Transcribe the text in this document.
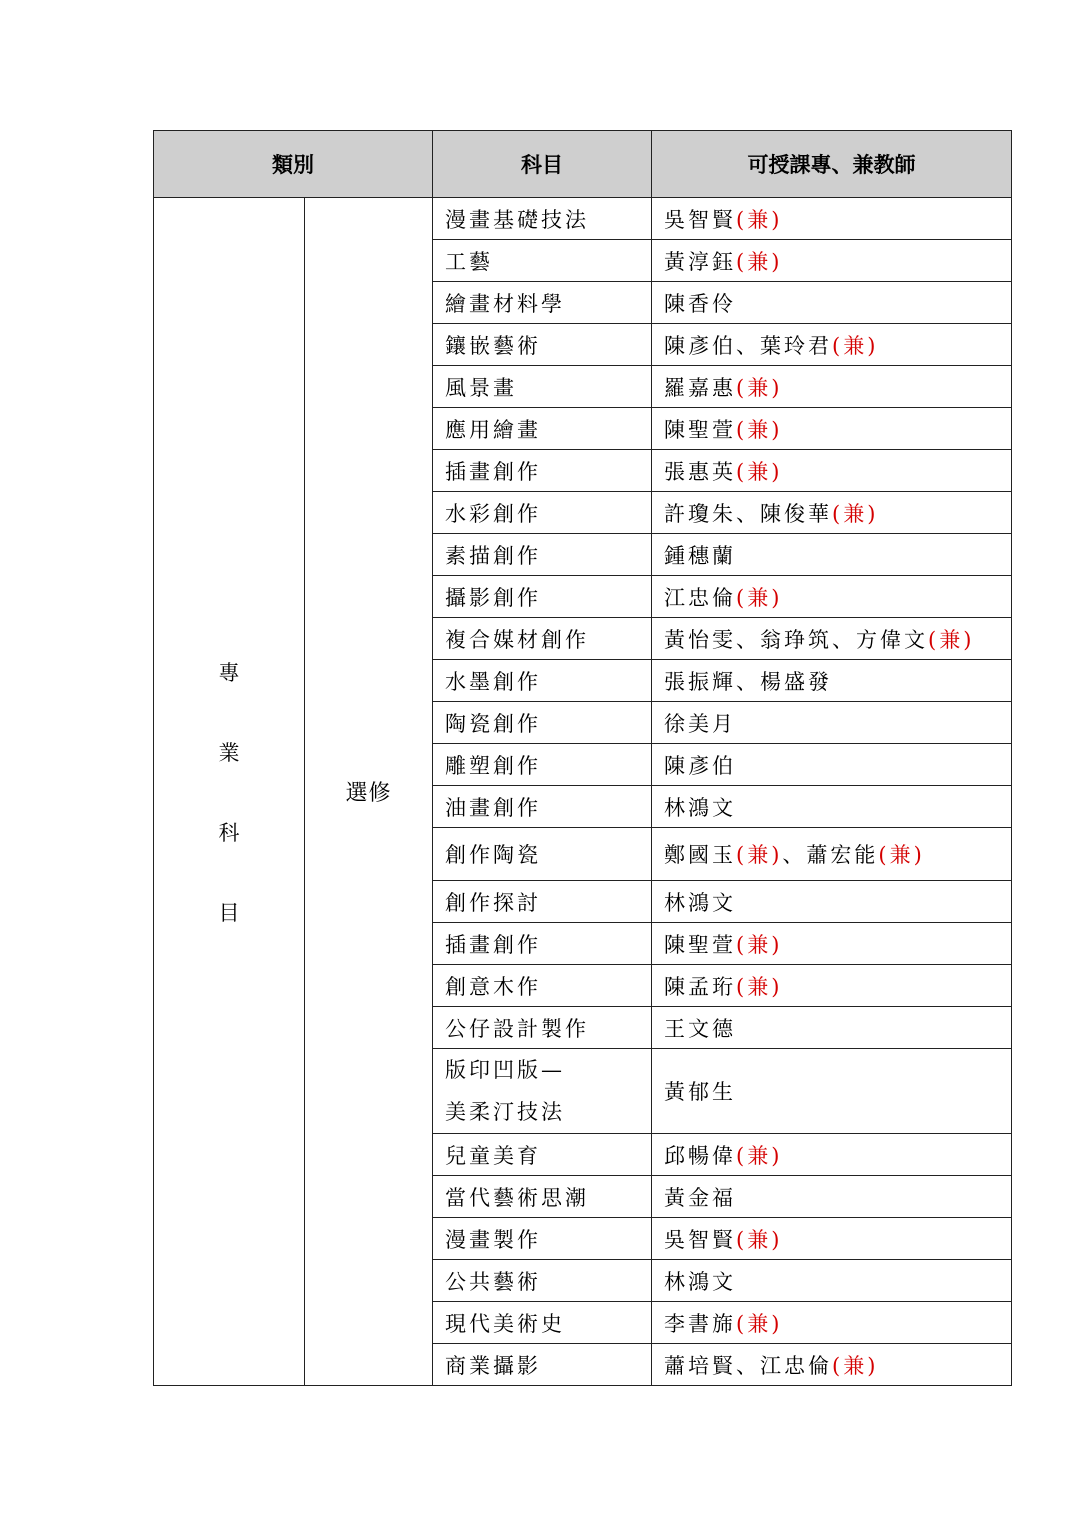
類別		科目	可授課專、兼教師

專
業
科
目	選修	漫畫基礎技法	吳智賢(兼)

		工藝	黃淳鈺(兼)

		繪畫材料學	陳香伶

		鑲嵌藝術	陳彥伯、葉玲君(兼)

		風景畫	羅嘉惠(兼)

		應用繪畫	陳聖萱(兼)

		插畫創作	張惠英(兼)

		水彩創作	許瓊朱、陳俊華(兼)

		素描創作	鍾穗蘭

		攝影創作	江忠倫(兼)

		複合媒材創作	黃怡雯、翁琤筑、方偉文(兼)

		水墨創作	張振輝、楊盛發

		陶瓷創作	徐美月

		雕塑創作	陳彥伯

		油畫創作	林鴻文

		創作陶瓷	鄭國玉(兼)、蕭宏能(兼)

		創作探討	林鴻文

		插畫創作	陳聖萱(兼)

		創意木作	陳孟珩(兼)

		公仔設計製作	王文德

		版印凹版—
美柔汀技法	黃郁生

		兒童美育	邱暢偉(兼)

		當代藝術思潮	黃金福

		漫畫製作	吳智賢(兼)

		公共藝術	林鴻文

		現代美術史	李書旆(兼)

		商業攝影	蕭培賢、江忠倫(兼)
